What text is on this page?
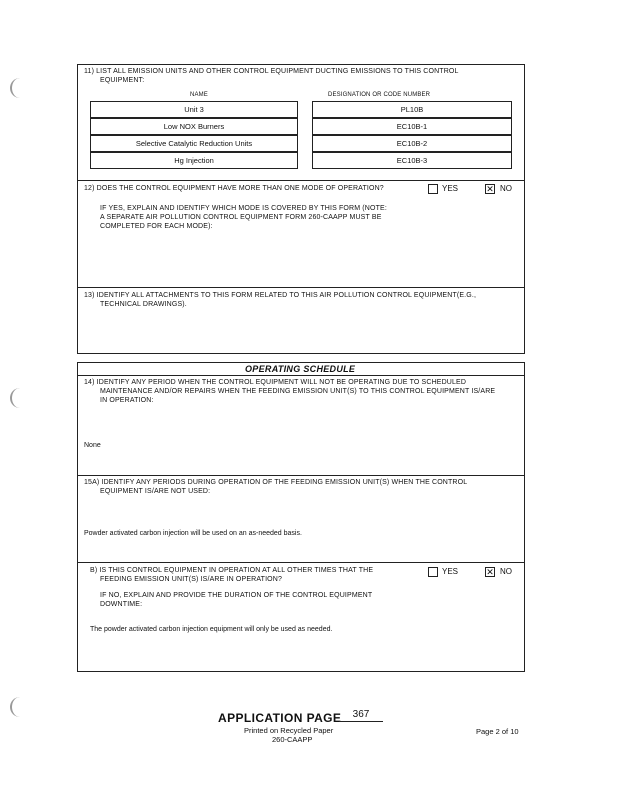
11) LIST ALL EMISSION UNITS AND OTHER CONTROL EQUIPMENT DUCTING EMISSIONS TO THIS CONTROL
EQUIPMENT:
NAME	DESIGNATION OR CODE NUMBER
Unit 3	PL10B
Low NOX Burners	EC10B-1
Selective Catalytic Reduction Units	EC10B-2
Hg Injection	EC10B-3
12) DOES THE CONTROL EQUIPMENT HAVE MORE THAN ONE MODE OF OPERATION?	YES	✕ NO
IF YES, EXPLAIN AND IDENTIFY WHICH MODE IS COVERED BY THIS FORM (NOTE:
A SEPARATE AIR POLLUTION CONTROL EQUIPMENT FORM 260-CAAPP MUST BE
COMPLETED FOR EACH MODE):
13) IDENTIFY ALL ATTACHMENTS TO THIS FORM RELATED TO THIS AIR POLLUTION CONTROL EQUIPMENT(E.G.,
TECHNICAL DRAWINGS).
OPERATING SCHEDULE
14) IDENTIFY ANY PERIOD WHEN THE CONTROL EQUIPMENT WILL NOT BE OPERATING DUE TO SCHEDULED
MAINTENANCE AND/OR REPAIRS WHEN THE FEEDING EMISSION UNIT(S) TO THIS CONTROL EQUIPMENT IS/ARE
IN OPERATION:
None
15A) IDENTIFY ANY PERIODS DURING OPERATION OF THE FEEDING EMISSION UNIT(S) WHEN THE CONTROL
EQUIPMENT IS/ARE NOT USED:
Powder activated carbon injection will be used on an as-needed basis.
B) IS THIS CONTROL EQUIPMENT IN OPERATION AT ALL OTHER TIMES THAT THE
FEEDING EMISSION UNIT(S) IS/ARE IN OPERATION?
YES	✕ NO
IF NO, EXPLAIN AND PROVIDE THE DURATION OF THE CONTROL EQUIPMENT
DOWNTIME:
The powder activated carbon injection equipment will only be used as needed.
APPLICATION PAGE	367
Printed on Recycled Paper
260-CAAPP
Page 2 of 10
